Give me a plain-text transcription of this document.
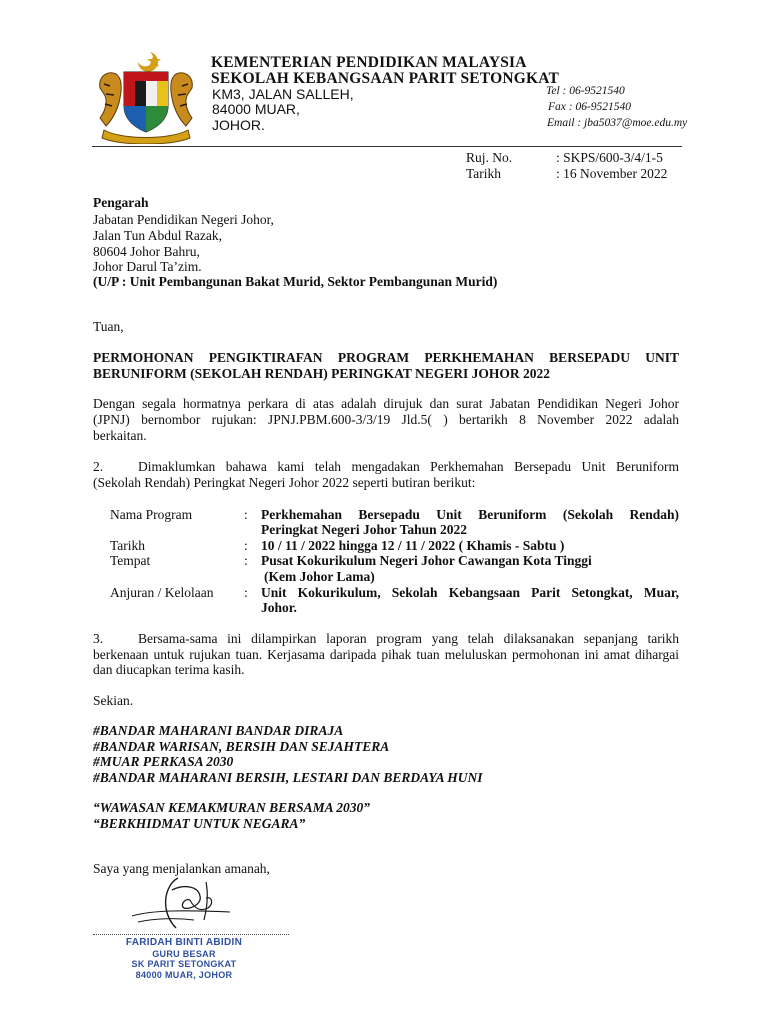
KEMENTERIAN PENDIDIKAN MALAYSIA
SEKOLAH KEBANGSAAN PARIT SETONGKAT
KM3, JALAN SALLEH,
84000 MUAR,
JOHOR.
Tel : 06-9521540
Fax : 06-9521540
Email : jba5037@moe.edu.my
Ruj. No.	: SKPS/600-3/4/1-5
Tarikh	: 16 November 2022
Pengarah
Jabatan Pendidikan Negeri Johor,
Jalan Tun Abdul Razak,
80604 Johor Bahru,
Johor Darul Ta’zim.
(U/P : Unit Pembangunan Bakat Murid, Sektor Pembangunan Murid)
Tuan,
PERMOHONAN PENGIKTIRAFAN PROGRAM PERKHEMAHAN BERSEPADU UNIT
BERUNIFORM (SEKOLAH RENDAH) PERINGKAT NEGERI JOHOR 2022
Dengan segala hormatnya perkara di atas adalah dirujuk dan surat Jabatan Pendidikan Negeri Johor
(JPNJ) bernombor rujukan: JPNJ.PBM.600-3/3/19 Jld.5( ) bertarikh 8 November 2022 adalah
berkaitan.
2.	Dimaklumkan bahawa kami telah mengadakan Perkhemahan Bersepadu Unit Beruniform
(Sekolah Rendah) Peringkat Negeri Johor 2022 seperti butiran berikut:
Nama Program	: Perkhemahan Bersepadu Unit Beruniform (Sekolah Rendah)
Peringkat Negeri Johor Tahun 2022
Tarikh	: 10 / 11 / 2022 hingga 12 / 11 / 2022 ( Khamis - Sabtu )
Tempat	: Pusat Kokurikulum Negeri Johor Cawangan Kota Tinggi
(Kem Johor Lama)
Anjuran / Kelolaan : Unit Kokurikulum, Sekolah Kebangsaan Parit Setongkat, Muar,
Johor.
3.	Bersama-sama ini dilampirkan laporan program yang telah dilaksanakan sepanjang tarikh
berkenaan untuk rujukan tuan. Kerjasama daripada pihak tuan meluluskan permohonan ini amat dihargai
dan diucapkan terima kasih.
Sekian.
#BANDAR MAHARANI BANDAR DIRAJA
#BANDAR WARISAN, BERSIH DAN SEJAHTERA
#MUAR PERKASA 2030
#BANDAR MAHARANI BERSIH, LESTARI DAN BERDAYA HUNI
“WAWASAN KEMAKMURAN BERSAMA 2030”
“BERKHIDMAT UNTUK NEGARA”
Saya yang menjalankan amanah,
FARIDAH BINTI ABIDIN
GURU BESAR
SK PARIT SETONGKAT
84000 MUAR, JOHOR
